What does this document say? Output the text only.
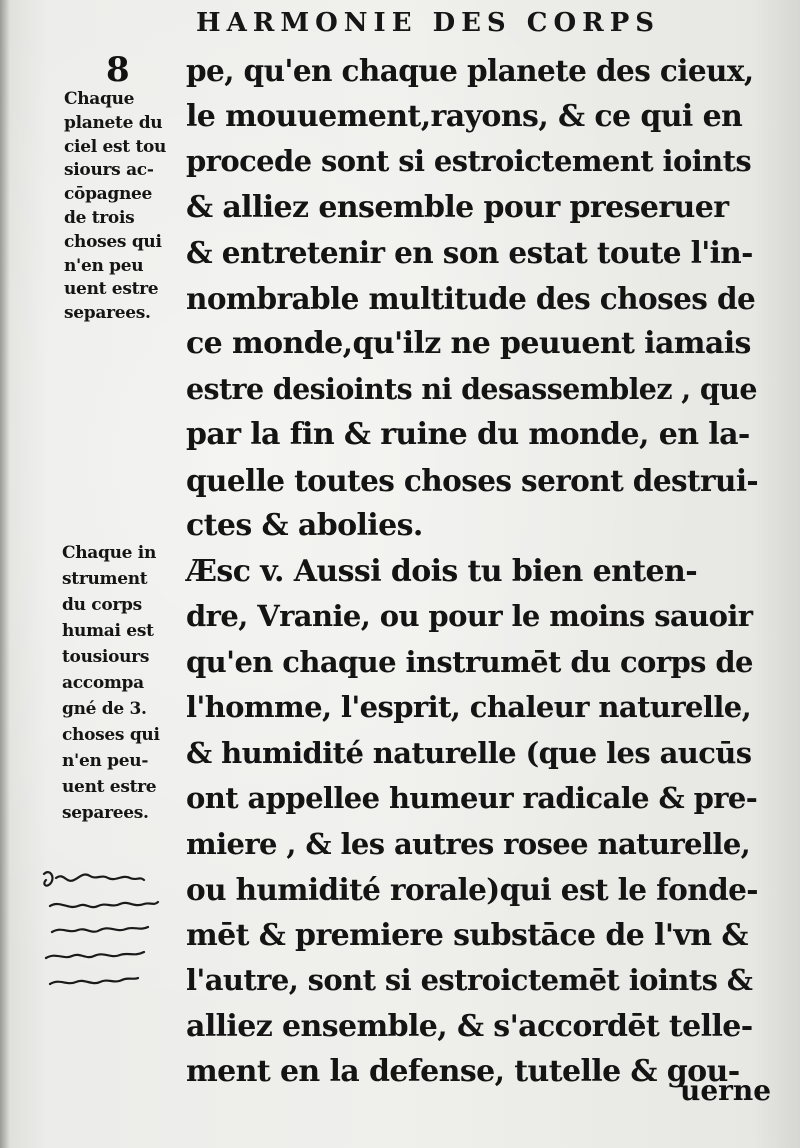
HARMONIE DES CORPS
8 pe, qu'en chaque planete des cieux,
le mouuement,rayons, & ce qui en
procede sont si estroictement ioints
& alliez ensemble pour preseruer
& entretenir en son estat toute l'in-
nombrable multitude des choses de
ce monde,qu'ilz ne peuuent iamais
estre desioints ni desassemblez , que
par la fin & ruine du monde, en la-
quelle toutes choses seront destrui-
ctes & abolies.
Æsc v. Aussi dois tu bien enten-
dre, Vranie, ou pour le moins sauoir
qu'en chaque instrumēt du corps de
l'homme, l'esprit, chaleur naturelle,
& humidité naturelle (que les aucūs
ont appellee humeur radicale & pre-
miere , & les autres rosee naturelle,
ou humidité rorale)qui est le fonde-
mēt & premiere substāce de l'vn &
l'autre, sont si estroictemēt ioints &
alliez ensemble, & s'accordēt telle-
ment en la defense, tutelle & gou-
Chaque
planete du
ciel est tou
siours ac-
cōpagnee
de trois
choses qui
n'en peu
uent estre
separees.
Chaque in
strument
du corps
humai est
tousiours
accompa
gné de 3.
choses qui
n'en peu-
uent estre
separees.
uerne
